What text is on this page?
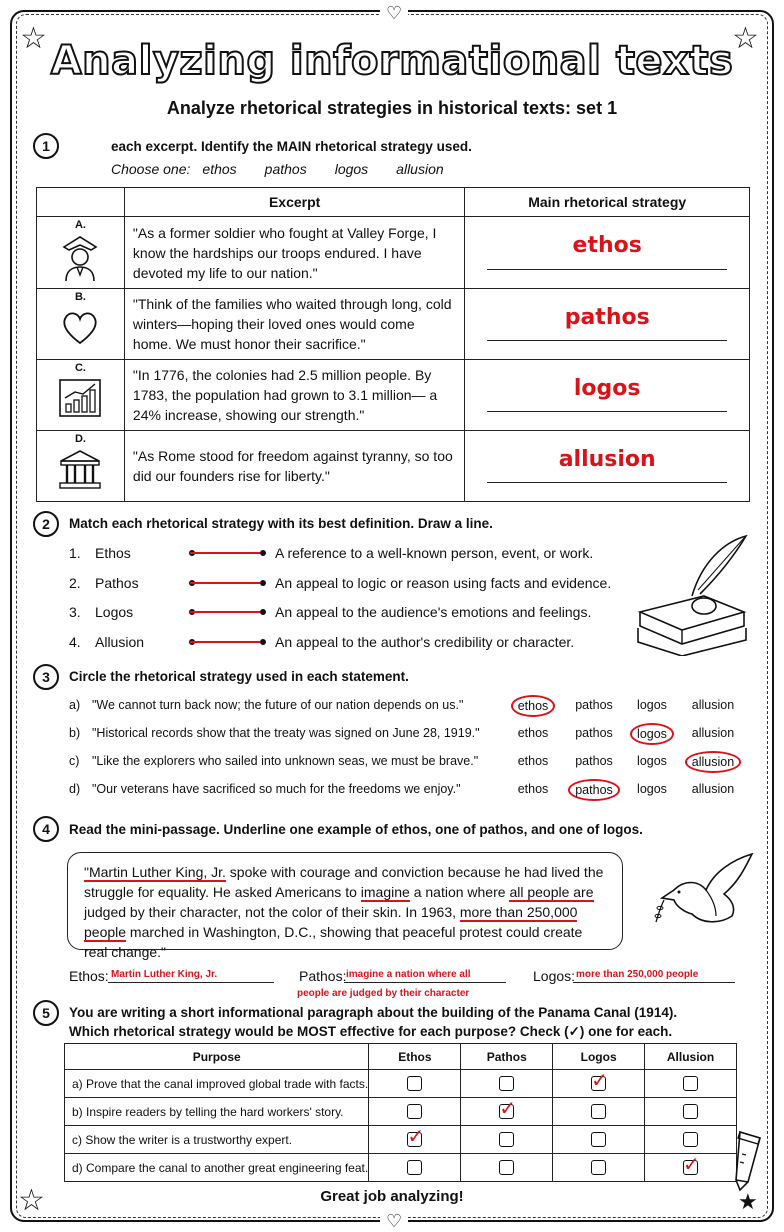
☆	☆
☆
♡
♡
Analyzing informational texts
Analyze rhetorical strategies in historical texts: set 1
1	each excerpt. Identify the MAIN rhetorical strategy used.
Choose one: ethos pathos logos allusion
	Excerpt	Main rhetorical strategy

A.	"As a former soldier who fought at Valley Forge, I know the hardships our troops endured. I have devoted my life to our nation."	ethos

B.	"Think of the families who waited through long, cold winters—hoping their loved ones would come home. We must honor their sacrifice."	pathos

C.	"In 1776, the colonies had 2.5 million people. By 1783, the population had grown to 3.1 million— a 24% increase, showing our strength."	logos

D.	"As Rome stood for freedom against tyranny, so too did our founders rise for liberty."	allusion
2	Match each rhetorical strategy with its best definition. Draw a line.
1. Ethos	A reference to a well-known person, event, or work.
2. Pathos	An appeal to logic or reason using facts and evidence.
3. Logos	An appeal to the audience's emotions and feelings.
4. Allusion	An appeal to the author's credibility or character.
3	Circle the rhetorical strategy used in each statement.
a) "We cannot turn back now; the future of our nation depends on us."	ethos	pathos	logos	allusion
b) "Historical records show that the treaty was signed on June 28, 1919."	ethos	pathos	logos	allusion
c) "Like the explorers who sailed into unknown seas, we must be brave."	ethos	pathos	logos	allusion
d) "Our veterans have sacrificed so much for the freedoms we enjoy."	ethos	pathos	logos	allusion
4	Read the mini-passage. Underline one example of ethos, one of pathos, and one of logos.
"Martin Luther King, Jr. spoke with courage and conviction because he had lived the struggle for equality. He asked Americans to imagine a nation where all people are judged by their character, not the color of their skin. In 1963, more than 250,000 people marched in Washington, D.C., showing that peaceful protest could create real change."
Ethos: Martin Luther King, Jr.	Pathos: imagine a nation where all
people are judged by their character
Logos: more than 250,000 people
5	You are writing a short informational paragraph about the building of the Panama Canal (1914).
Which rhetorical strategy would be MOST effective for each purpose? Check (✓) one for each.
Purpose	Ethos	Pathos	Logos	Allusion
a) Prove that the canal improved global trade with facts.			✓	

b) Inspire readers by telling the hard workers' story.		✓		

c) Show the writer is a trustworthy expert.	✓			

d) Compare the canal to another great engineering feat.				✓
★
Great job analyzing!
